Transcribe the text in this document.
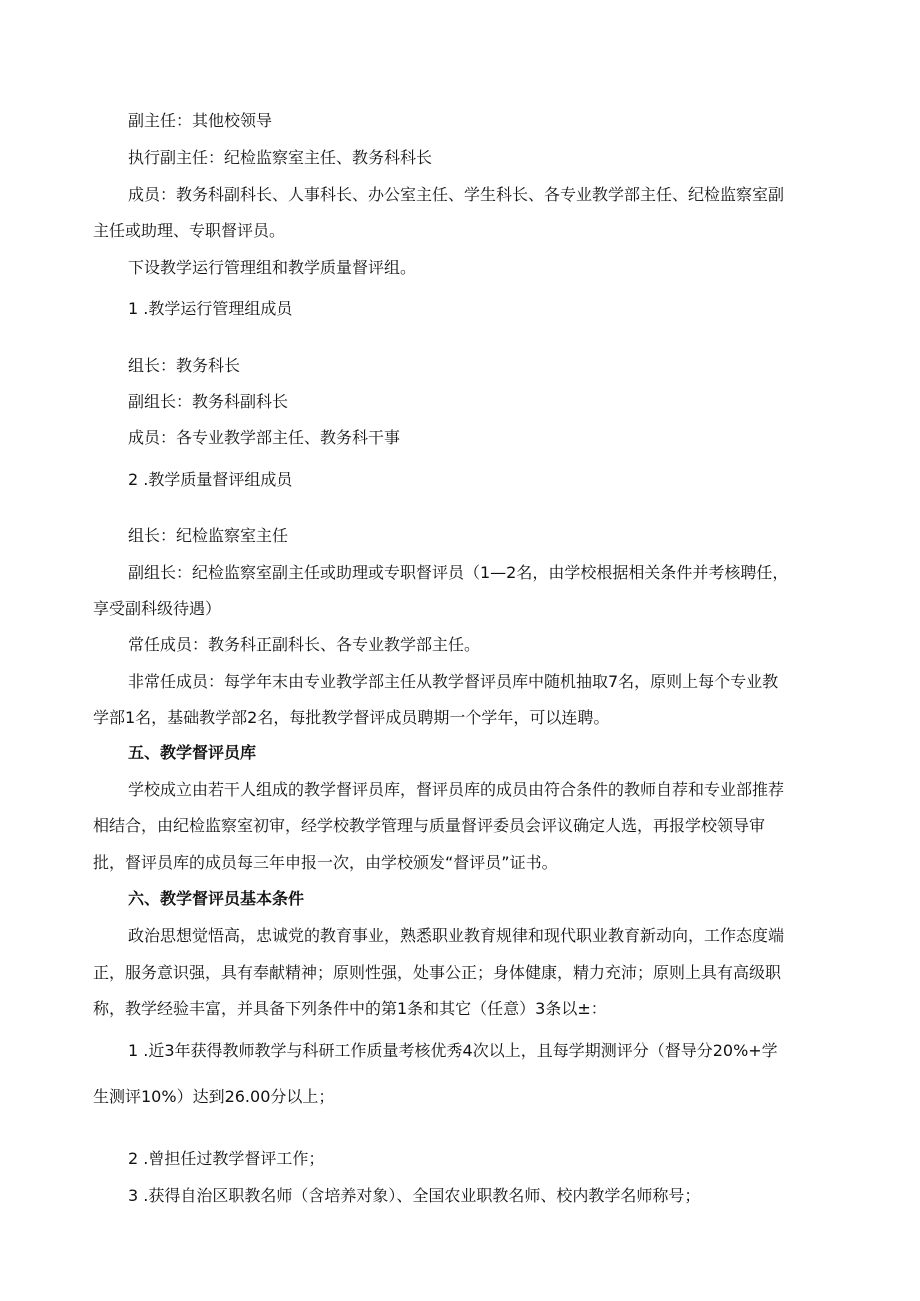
副主任：其他校领导
执行副主任：纪检监察室主任、教务科科长
成员：教务科副科长、人事科长、办公室主任、学生科长、各专业教学部主任、纪检监察室副
主任或助理、专职督评员。
下设教学运行管理组和教学质量督评组。
1 .教学运行管理组成员
组长：教务科长
副组长：教务科副科长
成员：各专业教学部主任、教务科干事
2 .教学质量督评组成员
组长：纪检监察室主任
副组长：纪检监察室副主任或助理或专职督评员（1—2名，由学校根据相关条件并考核聘任，
享受副科级待遇）
常任成员：教务科正副科长、各专业教学部主任。
非常任成员：每学年末由专业教学部主任从教学督评员库中随机抽取7名，原则上每个专业教
学部1名，基础教学部2名，每批教学督评成员聘期一个学年，可以连聘。
五、教学督评员库
学校成立由若干人组成的教学督评员库，督评员库的成员由符合条件的教师自荐和专业部推荐
相结合，由纪检监察室初审，经学校教学管理与质量督评委员会评议确定人选，再报学校领导审
批，督评员库的成员每三年申报一次，由学校颁发“督评员”证书。
六、教学督评员基本条件
政治思想觉悟高，忠诚党的教育事业，熟悉职业教育规律和现代职业教育新动向，工作态度端
正，服务意识强，具有奉献精神；原则性强，处事公正；身体健康，精力充沛；原则上具有高级职
称，教学经验丰富，并具备下列条件中的第1条和其它（任意）3条以±：
1 .近3年获得教师教学与科研工作质量考核优秀4次以上，且每学期测评分（督导分20%+学
生测评10%）达到26.00分以上；
2 .曾担任过教学督评工作；
3 .获得自治区职教名师（含培养对象）、全国农业职教名师、校内教学名师称号；
